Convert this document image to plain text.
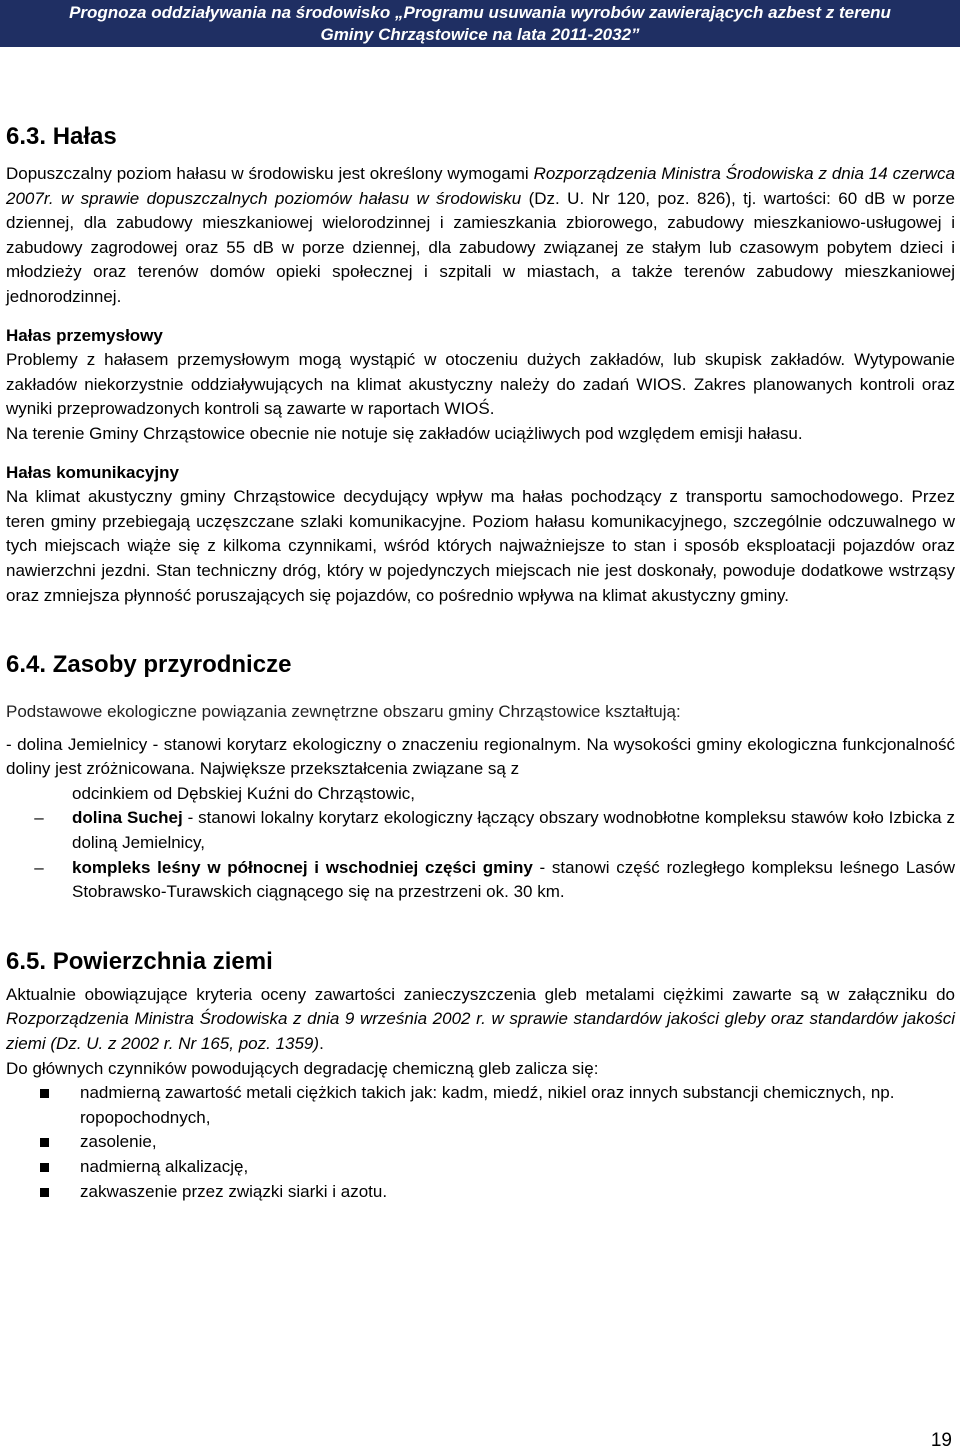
Prognoza oddziaływania na środowisko „Programu usuwania wyrobów zawierających azbest z terenu
Gminy Chrząstowice na lata 2011-2032”
6.3. Hałas

Dopuszczalny poziom hałasu w środowisku jest określony wymogami Rozporządzenia Ministra Środowiska z dnia 14 czerwca 2007r. w sprawie dopuszczalnych poziomów hałasu w środowisku (Dz. U. Nr 120, poz. 826), tj. wartości: 60 dB w porze dziennej, dla zabudowy mieszkaniowej wielorodzinnej i zamieszkania zbiorowego, zabudowy mieszkaniowo-usługowej i zabudowy zagrodowej oraz 55 dB w porze dziennej, dla zabudowy związanej ze stałym lub czasowym pobytem dzieci i młodzieży oraz terenów domów opieki społecznej i szpitali w miastach, a także terenów zabudowy mieszkaniowej jednorodzinnej.

Hałas przemysłowy

Problemy z hałasem przemysłowym mogą wystąpić w otoczeniu dużych zakładów, lub skupisk zakładów. Wytypowanie zakładów niekorzystnie oddziaływujących na klimat akustyczny należy do zadań WIOS. Zakres planowanych kontroli oraz wyniki przeprowadzonych kontroli są zawarte w raportach WIOŚ.

Na terenie Gminy Chrząstowice obecnie nie notuje się zakładów uciążliwych pod względem emisji hałasu.

Hałas komunikacyjny

Na klimat akustyczny gminy Chrząstowice decydujący wpływ ma hałas pochodzący z transportu samochodowego. Przez teren gminy przebiegają uczęszczane szlaki komunikacyjne. Poziom hałasu komunikacyjnego, szczególnie odczuwalnego w tych miejscach wiąże się z kilkoma czynnikami, wśród których najważniejsze to stan i sposób eksploatacji pojazdów oraz nawierzchni jezdni. Stan techniczny dróg, który w pojedynczych miejscach nie jest doskonały, powoduje dodatkowe wstrząsy oraz zmniejsza płynność poruszających się pojazdów, co pośrednio wpływa na klimat akustyczny gminy.

6.4. Zasoby przyrodnicze

Podstawowe ekologiczne powiązania zewnętrzne obszaru gminy Chrząstowice kształtują:

- dolina Jemielnicy - stanowi korytarz ekologiczny o znaczeniu regionalnym. Na wysokości gminy ekologiczna funkcjonalność doliny jest zróżnicowana. Największe przekształcenia związane są z

odcinkiem od Dębskiej Kuźni do Chrząstowic,
–	dolina Suchej - stanowi lokalny korytarz ekologiczny łączący obszary wodnobłotne kompleksu stawów koło Izbicka z doliną Jemielnicy,
–	kompleks leśny w północnej i wschodniej części gminy - stanowi część rozległego kompleksu leśnego Lasów Stobrawsko-Turawskich ciągnącego się na przestrzeni ok. 30 km.
6.5. Powierzchnia ziemi

Aktualnie obowiązujące kryteria oceny zawartości zanieczyszczenia gleb metalami ciężkimi zawarte są w załączniku do Rozporządzenia Ministra Środowiska z dnia 9 września 2002 r. w sprawie standardów jakości gleby oraz standardów jakości ziemi (Dz. U. z 2002 r. Nr 165, poz. 1359).

Do głównych czynników powodujących degradację chemiczną gleb zalicza się:

nadmierną zawartość metali ciężkich takich jak: kadm, miedź, nikiel oraz innych substancji chemicznych, np. ropopochodnych,
zasolenie,
nadmierną alkalizację,
zakwaszenie przez związki siarki i azotu.
19
